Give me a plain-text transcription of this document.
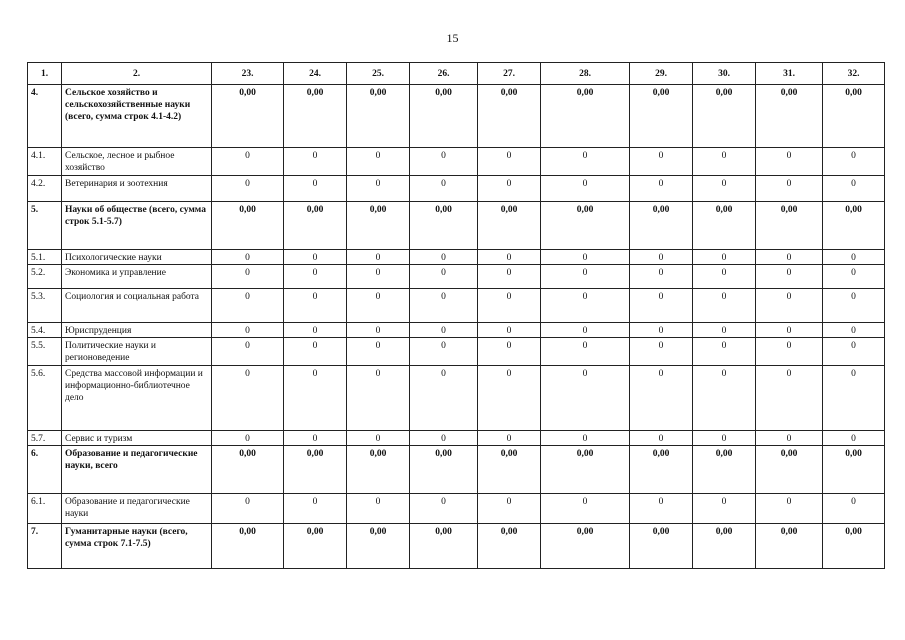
15
1.	2.	23.	24.	25.	26.	27.	28.	29.	30.	31.	32.
4.	Сельское хозяйство и сельскохозяйственные науки (всего, сумма строк 4.1-4.2)	0,00	0,00	0,00	0,00	0,00	0,00	0,00	0,00	0,00	0,00
4.1.	Сельское, лесное и рыбное хозяйство	0	0	0	0	0	0	0	0	0	0
4.2.	Ветеринария и зоотехния	0	0	0	0	0	0	0	0	0	0
5.	Науки об обществе (всего, сумма строк 5.1-5.7)	0,00	0,00	0,00	0,00	0,00	0,00	0,00	0,00	0,00	0,00
5.1.	Психологические науки	0	0	0	0	0	0	0	0	0	0
5.2.	Экономика и управление	0	0	0	0	0	0	0	0	0	0
5.3.	Социология и социальная работа	0	0	0	0	0	0	0	0	0	0
5.4.	Юриспруденция	0	0	0	0	0	0	0	0	0	0
5.5.	Политические науки и регионоведение	0	0	0	0	0	0	0	0	0	0
5.6.	Средства массовой информации и информационно-библиотечное дело	0	0	0	0	0	0	0	0	0	0
5.7.	Сервис и туризм	0	0	0	0	0	0	0	0	0	0
6.	Образование и педагогические науки, всего	0,00	0,00	0,00	0,00	0,00	0,00	0,00	0,00	0,00	0,00
6.1.	Образование и педагогические науки	0	0	0	0	0	0	0	0	0	0
7.	Гуманитарные науки (всего, сумма строк 7.1-7.5)	0,00	0,00	0,00	0,00	0,00	0,00	0,00	0,00	0,00	0,00
